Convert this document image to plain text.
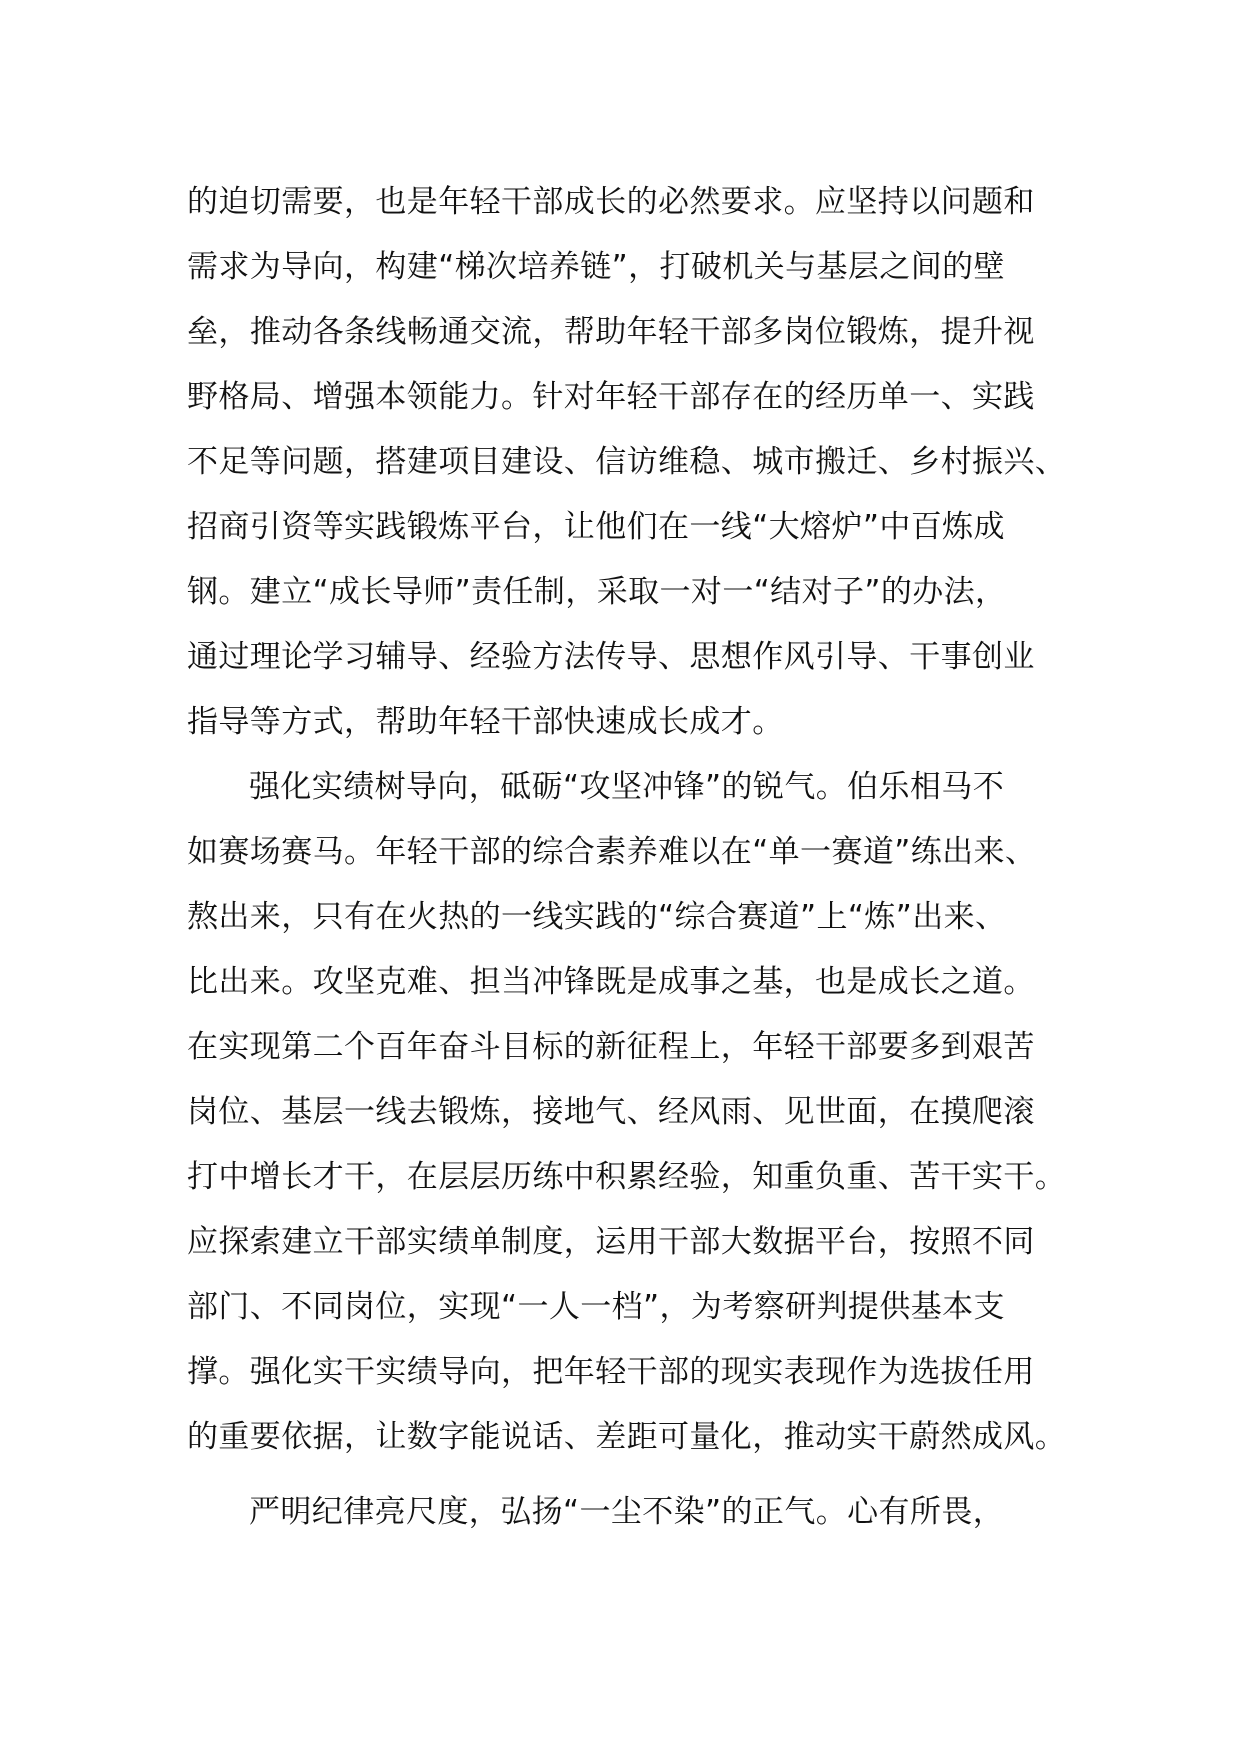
的迫切需要，也是年轻干部成长的必然要求。应坚持以问题和
需求为导向，构建“梯次培养链”，打破机关与基层之间的壁
垒，推动各条线畅通交流，帮助年轻干部多岗位锻炼，提升视
野格局、增强本领能力。针对年轻干部存在的经历单一、实践
不足等问题，搭建项目建设、信访维稳、城市搬迁、乡村振兴、
招商引资等实践锻炼平台，让他们在一线“大熔炉”中百炼成
钢。建立“成长导师”责任制，采取一对一“结对子”的办法，
通过理论学习辅导、经验方法传导、思想作风引导、干事创业
指导等方式，帮助年轻干部快速成长成才。
强化实绩树导向，砥砺“攻坚冲锋”的锐气。伯乐相马不
如赛场赛马。年轻干部的综合素养难以在“单一赛道”练出来、
熬出来，只有在火热的一线实践的“综合赛道”上“炼”出来、
比出来。攻坚克难、担当冲锋既是成事之基，也是成长之道。
在实现第二个百年奋斗目标的新征程上，年轻干部要多到艰苦
岗位、基层一线去锻炼，接地气、经风雨、见世面，在摸爬滚
打中增长才干，在层层历练中积累经验，知重负重、苦干实干。
应探索建立干部实绩单制度，运用干部大数据平台，按照不同
部门、不同岗位，实现“一人一档”，为考察研判提供基本支
撑。强化实干实绩导向，把年轻干部的现实表现作为选拔任用
的重要依据，让数字能说话、差距可量化，推动实干蔚然成风。
严明纪律亮尺度，弘扬“一尘不染”的正气。心有所畏，
